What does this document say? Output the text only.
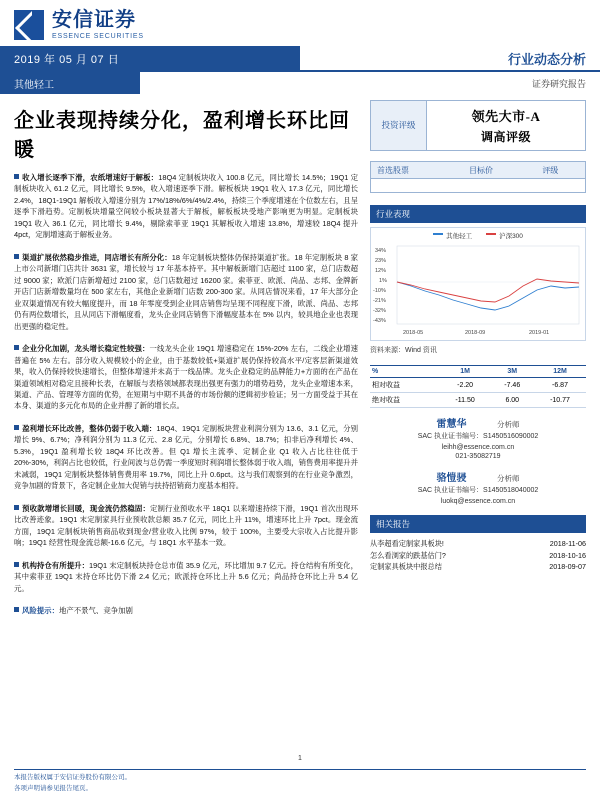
安信证券
ESSENCE SECURITIES
2019 年 05 月 07 日	行业动态分析
其他轻工	证券研究报告
企业表现持续分化，盈利增长环比回暖
收入增长逐季下滑，农纸增速好于解板：18Q4 定制板块收入 100.8 亿元，同比增长 14.5%；19Q1 定制板块收入 61.2 亿元，同比增长 9.5%，收入增速逐季下滑。解板板块 19Q1 收入 17.3 亿元，同比增长 2.4%，18Q1-19Q1 解板收入增速分别为 17%/18%/6%/4%/2.4%，持续三个季度增速在个位数左右，且呈逐季下滑趋势。定制板块增量空间较小板块显著大于解板，解板板块受地产影响更为明显。定制板块 19Q1 收入 36.1 亿元，同比增长 9.4%，剔除索菲亚 19Q1 其解板收入增速 13.8%，增速较 18Q4 提升 4pct，定制增速高于解板业务。
渠道扩展依然稳步推进，同店增长有所分化：18 年定制板块整体仍保持渠道扩张。18 年定制板块 8 家上市公司新增门店共计 3631 家，增长较与 17 年基本持平。其中解板新增门店超过 1100 家，总门店数超过 9000 家；欧派门店新增超过 2100 家，总门店数超过 16200 家。索菲亚、欧派、尚品、志邦、金牌新开店门店新增数量均在 500 家左右，其他企业新增门店数 200-300 家。从同店情况来看，17 年大部分企业双渠道情况有较大幅度提升，而 18 年零度受到企业同店销售均呈现不同程度下滑，欧派、尚品、志邦仍有两位数增长，且从同店下滑幅度看，龙头企业同店销售下滑幅度基本在 5% 以内，较具地企业也表现出更强的稳定性。
企业分化加剧，龙头增长稳定性较强：一线龙头企业 19Q1 增速稳定在 15%-20% 左右，二线企业增速普遍在 5% 左右。部分收入规模较小的企业，由于基数较低+渠道扩展仍保持较高水平/定客层新渠道效果，收入仍保持较快速增长，但整体增速并未高于一线品牌。龙头企业稳定的品牌能力+方面的在产品在渠道领域相对稳定且接种长表，在解版与表格领域都表现出强更有强力的增势趋势，龙头企业增速本来，渠道、产品、管理等方面的优势，在短期与中期不具备的市场份额的逻辑初步验证；另一方面受益于其在本身、渠道的多元化布局的企业并醇了新的增长点。
盈利增长环比改善，整体仍弱于收入端：18Q4、19Q1 定制板块营业利润分别为 13.6、3.1 亿元，分别增长 9%、6.7%；净利润分别为 11.3 亿元、2.8 亿元，分别增长 6.8%、18.7%；扣非后净利增长 4%、5.3%，19Q1 盈利增长较 18Q4 环比改善。但 Q1 增长主流季、定制企业 Q1 收入占比往往低于 20%-30%，利润占比也较低，行业间波与总仍需一季度短时利润增长整体弱于收入端，销售费用率提升并未减弱，19Q1 定制板块整体销售费用率 19.7%，同比上升 0.6pct。这与我们观察到的在行业竞争激烈，竞争加剧的背景下，各定制企业加大促销与扶持招销商力度基本相符。
预收款增增长回暖，现金流仍然稳固：定制行业预收水平 18Q1 以来增速持续下滑，19Q1 首次出现环比改善迹象。19Q1 末定制家具行业预收款总额 35.7 亿元，同比上升 11%，增速环比上升 7pct。现金流方面，19Q1 定制板块销售商品收到现金/营业收入比例 97%，较于 100%，主要受大宗收入占比提升影响；19Q1 经营性现金流总额-16.6 亿元，与 18Q1 水平基本一致。
机构持仓有所提升：19Q1 末定制板块持仓总市值 35.9 亿元，环比增加 9.7 亿元。持仓结构有所变化，其中索菲亚 19Q1 末持仓环比仍下滑 2.4 亿元；欧派持仓环比上升 5.6 亿元；尚品持仓环比上升 5.4 亿元。
风险提示：地产不景气、竞争加剧
投资评级
领先大市-A
调高评级
首选股票	目标价	评级
行业表现
其他轻工	沪深300
34%
23%
12%
1%
-10%
-21%
-32%
-43%
2018-05	2018-09	2019-01
资料来源：Wind 资讯
%	1M	3M	12M
相对收益	-2.20	-7.46	-6.87
绝对收益	-11.50	6.00	-10.77
雷慧华	分析师
SAC 执业证书编号：S1450516090002
leihh@essence.com.cn
021-35082719
骆愷骎	分析师
SAC 执业证书编号：S1450518040002
luokq@essence.com.cn
相关报告
从李超看定制家具板块!	2018-11-06
怎么看浏家的跌基估门?	2018-10-16
定制家具板块中报总结	2018-09-07
1
本报告版权属于安信证券股份有限公司。
各项声明请参见报告尾页。
